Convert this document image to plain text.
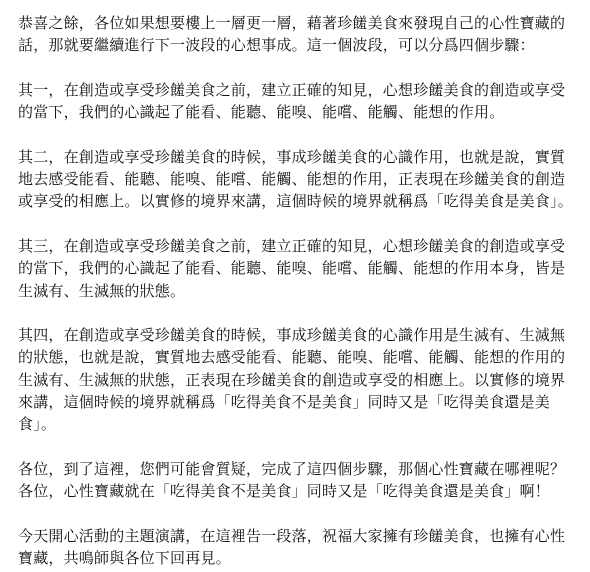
恭喜之餘，各位如果想要樓上一層更一層，藉著珍饈美食來發現自己的心性寶藏的話，那就要繼續進行下一波段的心想事成。這一個波段，可以分爲四個步驟：

其一，在創造或享受珍饈美食之前，建立正確的知見，心想珍饈美食的創造或享受的當下，我們的心識起了能看、能聽、能嗅、能嚐、能觸、能想的作用。

其二，在創造或享受珍饈美食的時候，事成珍饈美食的心識作用，也就是說，實質地去感受能看、能聽、能嗅、能嚐、能觸、能想的作用，正表現在珍饈美食的創造或享受的相應上。以實修的境界來講，這個時候的境界就稱爲「吃得美食是美食」。

其三，在創造或享受珍饈美食之前，建立正確的知見，心想珍饈美食的創造或享受的當下，我們的心識起了能看、能聽、能嗅、能嚐、能觸、能想的作用本身，皆是生滅有、生滅無的狀態。

其四，在創造或享受珍饈美食的時候，事成珍饈美食的心識作用是生滅有、生滅無的狀態，也就是說，實質地去感受能看、能聽、能嗅、能嚐、能觸、能想的作用的生滅有、生滅無的狀態，正表現在珍饈美食的創造或享受的相應上。以實修的境界來講，這個時候的境界就稱爲「吃得美食不是美食」同時又是「吃得美食還是美食」。

各位，到了這裡，您們可能會質疑，完成了這四個步驟，那個心性寶藏在哪裡呢？各位，心性寶藏就在「吃得美食不是美食」同時又是「吃得美食還是美食」啊！

今天開心活動的主題演講，在這裡告一段落，祝福大家擁有珍饈美食，也擁有心性寶藏，共鳴師與各位下回再見。
